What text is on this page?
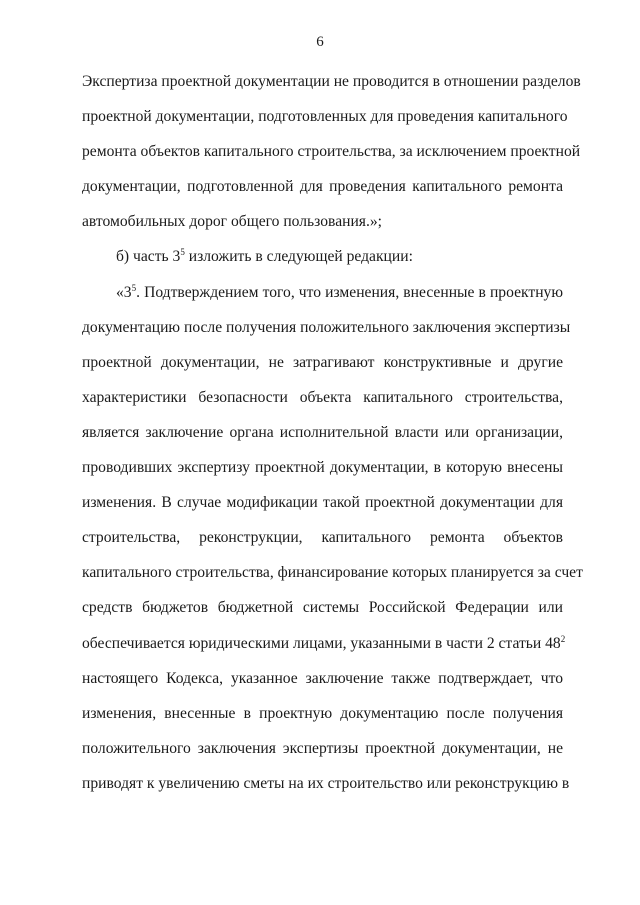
6
Экспертиза проектной документации не проводится в отношении разделов
проектной документации, подготовленных для проведения капитального
ремонта объектов капитального строительства, за исключением проектной
документации, подготовленной для проведения капитального ремонта
автомобильных дорог общего пользования.»;
б) часть $3^5$ изложить в следующей редакции:
«$3^5$. Подтверждением того, что изменения, внесенные в проектную
документацию после получения положительного заключения экспертизы
проектной документации, не затрагивают конструктивные и другие
характеристики безопасности объекта капитального строительства,
является заключение органа исполнительной власти или организации,
проводивших экспертизу проектной документации, в которую внесены
изменения. В случае модификации такой проектной документации для
строительства, реконструкции, капитального ремонта объектов
капитального строительства, финансирование которых планируется за счет
средств бюджетов бюджетной системы Российской Федерации или
обеспечивается юридическими лицами, указанными в части 2 статьи $48^2$
настоящего Кодекса, указанное заключение также подтверждает, что
изменения, внесенные в проектную документацию после получения
положительного заключения экспертизы проектной документации, не
приводят к увеличению сметы на их строительство или реконструкцию в
